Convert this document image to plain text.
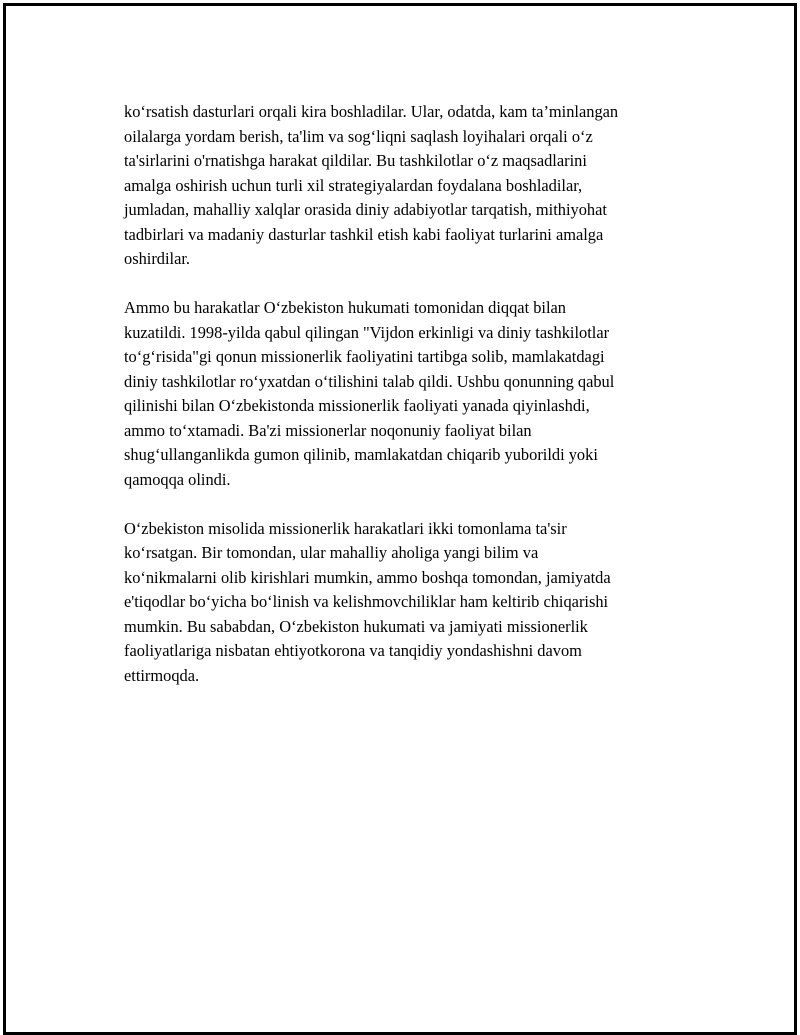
ko‘rsatish dasturlari orqali kira boshladilar. Ular, odatda, kam ta’minlangan
oilalarga yordam berish, ta'lim va sog‘liqni saqlash loyihalari orqali o‘z
ta'sirlarini o'rnatishga harakat qildilar. Bu tashkilotlar o‘z maqsadlarini
amalga oshirish uchun turli xil strategiyalardan foydalana boshladilar,
jumladan, mahalliy xalqlar orasida diniy adabiyotlar tarqatish, mithiyohat
tadbirlari va madaniy dasturlar tashkil etish kabi faoliyat turlarini amalga
oshirdilar.

Ammo bu harakatlar O‘zbekiston hukumati tomonidan diqqat bilan
kuzatildi. 1998-yilda qabul qilingan "Vijdon erkinligi va diniy tashkilotlar
to‘g‘risida"gi qonun missionerlik faoliyatini tartibga solib, mamlakatdagi
diniy tashkilotlar ro‘yxatdan o‘tilishini talab qildi. Ushbu qonunning qabul
qilinishi bilan O‘zbekistonda missionerlik faoliyati yanada qiyinlashdi,
ammo to‘xtamadi. Ba'zi missionerlar noqonuniy faoliyat bilan
shug‘ullanganlikda gumon qilinib, mamlakatdan chiqarib yuborildi yoki
qamoqqa olindi.

O‘zbekiston misolida missionerlik harakatlari ikki tomonlama ta'sir
ko‘rsatgan. Bir tomondan, ular mahalliy aholiga yangi bilim va
ko‘nikmalarni olib kirishlari mumkin, ammo boshqa tomondan, jamiyatda
e'tiqodlar bo‘yicha bo‘linish va kelishmovchiliklar ham keltirib chiqarishi
mumkin. Bu sababdan, O‘zbekiston hukumati va jamiyati missionerlik
faoliyatlariga nisbatan ehtiyotkorona va tanqidiy yondashishni davom
ettirmoqda.
